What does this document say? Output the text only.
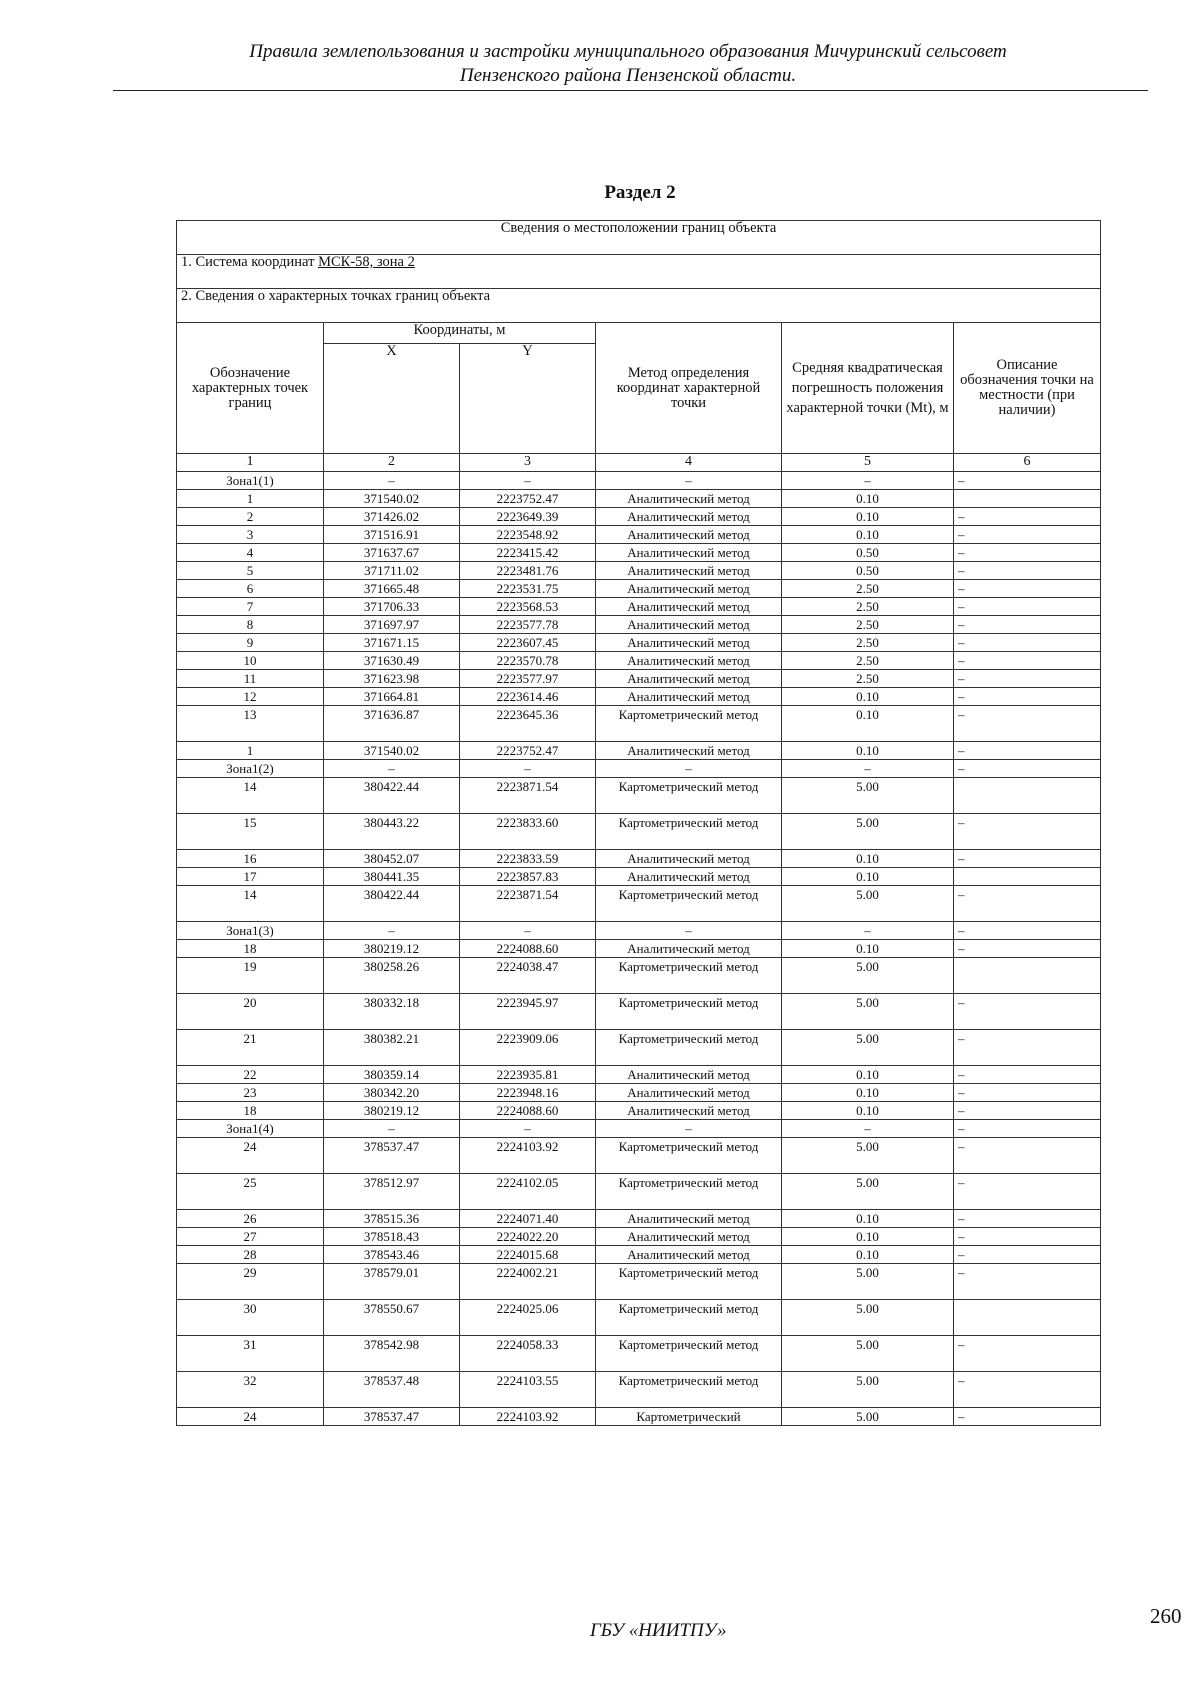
Правила землепользования и застройки муниципального образования Мичуринский сельсовет
Пензенского района Пензенской области.
Раздел 2
Сведения о местоположении границ объекта					
1. Система координат МСК-58, зона 2					
2. Сведения о характерных точках границ объекта					
Обозначение характерных точек границ	Координаты, м		Метод определения координат характерной точки	Средняя квадратическая погрешность положения характерной точки (Mt), м	Описание обозначения точки на местности (при наличии)
	X	Y			
1	2	3	4	5	6
Зона1(1)	–	–	–	–	–
1	371540.02	2223752.47	Аналитический метод	0.10	
2	371426.02	2223649.39	Аналитический метод	0.10	–
3	371516.91	2223548.92	Аналитический метод	0.10	–
4	371637.67	2223415.42	Аналитический метод	0.50	–
5	371711.02	2223481.76	Аналитический метод	0.50	–
6	371665.48	2223531.75	Аналитический метод	2.50	–
7	371706.33	2223568.53	Аналитический метод	2.50	–
8	371697.97	2223577.78	Аналитический метод	2.50	–
9	371671.15	2223607.45	Аналитический метод	2.50	–
10	371630.49	2223570.78	Аналитический метод	2.50	–
11	371623.98	2223577.97	Аналитический метод	2.50	–
12	371664.81	2223614.46	Аналитический метод	0.10	–
13	371636.87	2223645.36	Картометрический метод	0.10	–
1	371540.02	2223752.47	Аналитический метод	0.10	–
Зона1(2)	–	–	–	–	–
14	380422.44	2223871.54	Картометрический метод	5.00	
15	380443.22	2223833.60	Картометрический метод	5.00	–
16	380452.07	2223833.59	Аналитический метод	0.10	–
17	380441.35	2223857.83	Аналитический метод	0.10	
14	380422.44	2223871.54	Картометрический метод	5.00	–
Зона1(3)	–	–	–	–	–
18	380219.12	2224088.60	Аналитический метод	0.10	–
19	380258.26	2224038.47	Картометрический метод	5.00	
20	380332.18	2223945.97	Картометрический метод	5.00	–
21	380382.21	2223909.06	Картометрический метод	5.00	–
22	380359.14	2223935.81	Аналитический метод	0.10	–
23	380342.20	2223948.16	Аналитический метод	0.10	–
18	380219.12	2224088.60	Аналитический метод	0.10	–
Зона1(4)	–	–	–	–	–
24	378537.47	2224103.92	Картометрический метод	5.00	–
25	378512.97	2224102.05	Картометрический метод	5.00	–
26	378515.36	2224071.40	Аналитический метод	0.10	–
27	378518.43	2224022.20	Аналитический метод	0.10	–
28	378543.46	2224015.68	Аналитический метод	0.10	–
29	378579.01	2224002.21	Картометрический метод	5.00	–
30	378550.67	2224025.06	Картометрический метод	5.00	
31	378542.98	2224058.33	Картометрический метод	5.00	–
32	378537.48	2224103.55	Картометрический метод	5.00	–
24	378537.47	2224103.92	Картометрический	5.00	–
ГБУ «НИИТПУ»
260
